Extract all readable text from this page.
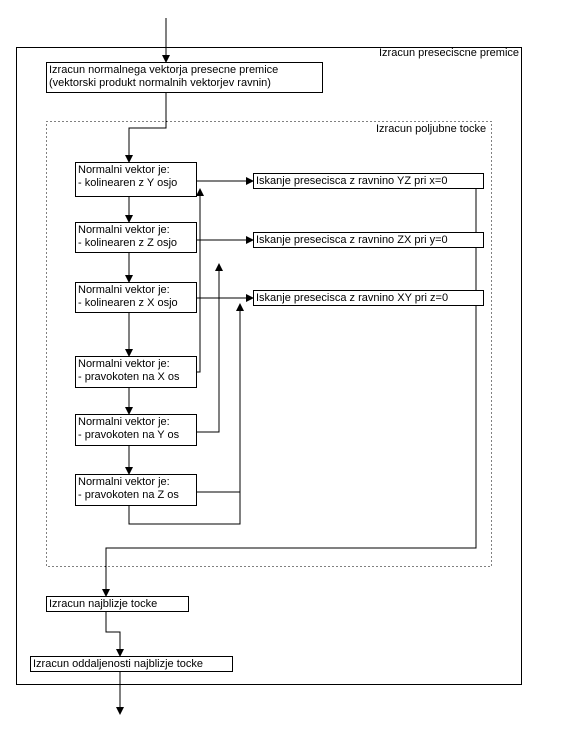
Izracun preseciscne premice
Izracun poljubne tocke
Izracun normalnega vektorja presecne premice
(vektorski produkt normalnih vektorjev ravnin)
Normalni vektor je:
- kolinearen z Y osjo
Normalni vektor je:
- kolinearen z Z osjo
Normalni vektor je:
- kolinearen z X osjo
Normalni vektor je:
- pravokoten na X os
Normalni vektor je:
- pravokoten na Y os
Normalni vektor je:
- pravokoten na Z os
Iskanje presecisca z ravnino YZ pri x=0
Iskanje presecisca z ravnino ZX pri y=0
Iskanje presecisca z ravnino XY pri z=0
Izracun najblizje tocke
Izracun oddaljenosti najblizje tocke
